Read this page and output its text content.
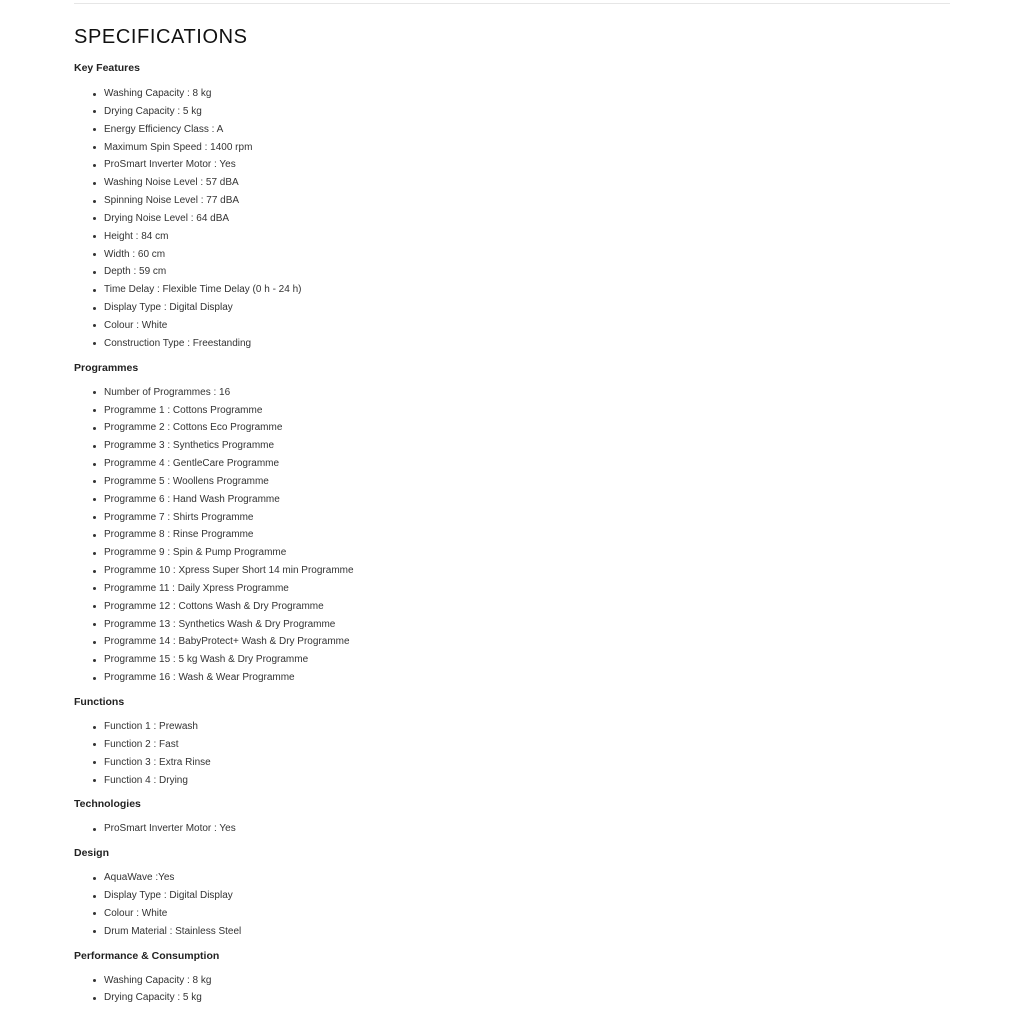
SPECIFICATIONS
Key Features
Washing Capacity : 8 kg
Drying Capacity : 5 kg
Energy Efficiency Class : A
Maximum Spin Speed : 1400 rpm
ProSmart Inverter Motor : Yes
Washing Noise Level : 57 dBA
Spinning Noise Level : 77 dBA
Drying Noise Level : 64 dBA
Height : 84 cm
Width : 60 cm
Depth : 59 cm
Time Delay : Flexible Time Delay (0 h - 24 h)
Display Type : Digital Display
Colour : White
Construction Type : Freestanding
Programmes
Number of Programmes : 16
Programme 1 : Cottons Programme
Programme 2 : Cottons Eco Programme
Programme 3 : Synthetics Programme
Programme 4 : GentleCare Programme
Programme 5 : Woollens Programme
Programme 6 : Hand Wash Programme
Programme 7 : Shirts Programme
Programme 8 : Rinse Programme
Programme 9 : Spin & Pump Programme
Programme 10 : Xpress Super Short 14 min Programme
Programme 11 : Daily Xpress Programme
Programme 12 : Cottons Wash & Dry Programme
Programme 13 : Synthetics Wash & Dry Programme
Programme 14 : BabyProtect+ Wash & Dry Programme
Programme 15 : 5 kg Wash & Dry Programme
Programme 16 : Wash & Wear Programme
Functions
Function 1 : Prewash
Function 2 : Fast
Function 3 : Extra Rinse
Function 4 : Drying
Technologies
ProSmart Inverter Motor : Yes
Design
AquaWave :Yes
Display Type : Digital Display
Colour : White
Drum Material : Stainless Steel
Performance & Consumption
Washing Capacity : 8 kg
Drying Capacity : 5 kg
